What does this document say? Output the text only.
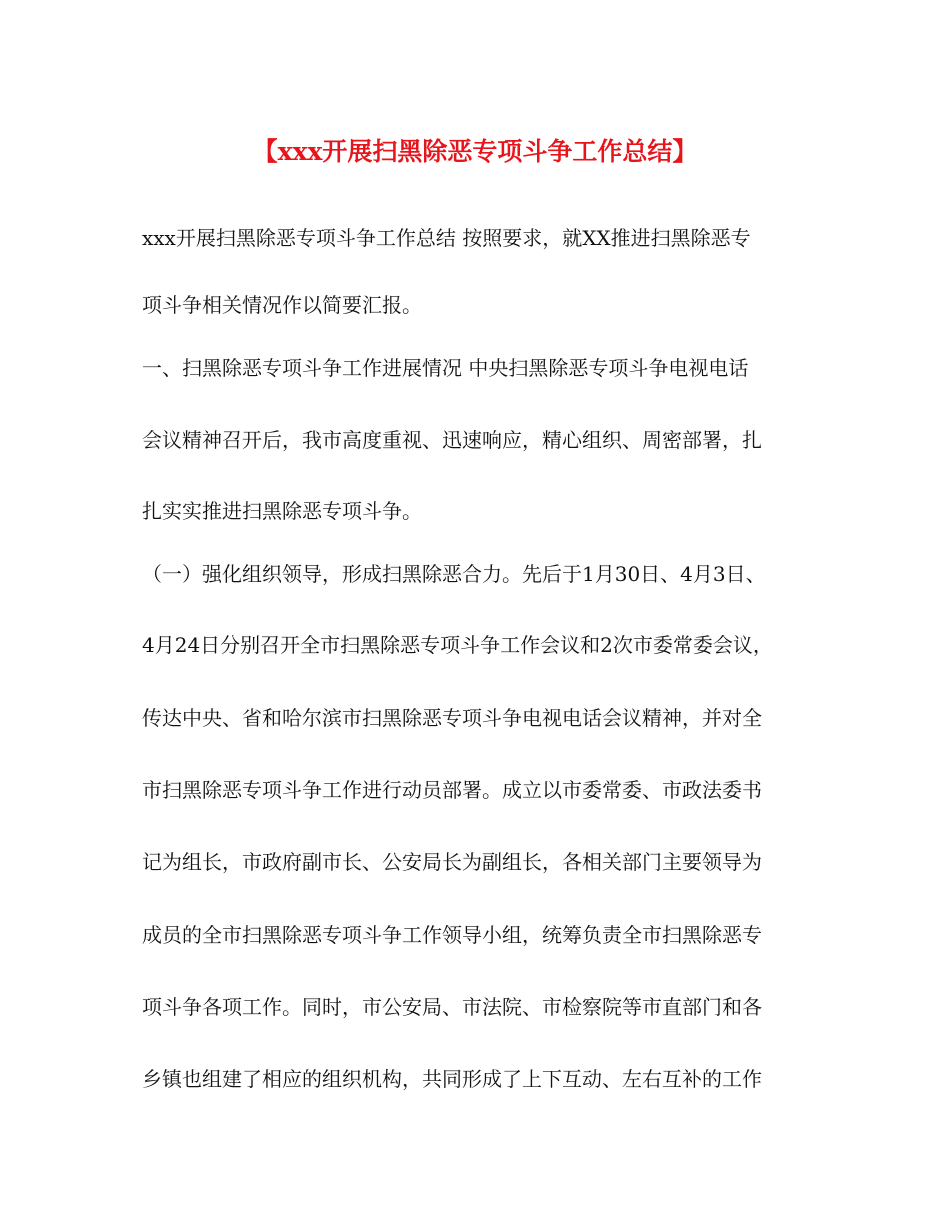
【xxx开展扫黑除恶专项斗争工作总结】
xxx开展扫黑除恶专项斗争工作总结 按照要求，就XX推进扫黑除恶专
项斗争相关情况作以简要汇报。
一、扫黑除恶专项斗争工作进展情况 中央扫黑除恶专项斗争电视电话
会议精神召开后，我市高度重视、迅速响应，精心组织、周密部署，扎
扎实实推进扫黑除恶专项斗争。
（一）强化组织领导，形成扫黑除恶合力。先后于1月30日、4月3日、
4月24日分别召开全市扫黑除恶专项斗争工作会议和2次市委常委会议，
传达中央、省和哈尔滨市扫黑除恶专项斗争电视电话会议精神，并对全
市扫黑除恶专项斗争工作进行动员部署。成立以市委常委、市政法委书
记为组长，市政府副市长、公安局长为副组长，各相关部门主要领导为
成员的全市扫黑除恶专项斗争工作领导小组，统筹负责全市扫黑除恶专
项斗争各项工作。同时，市公安局、市法院、市检察院等市直部门和各
乡镇也组建了相应的组织机构，共同形成了上下互动、左右互补的工作
